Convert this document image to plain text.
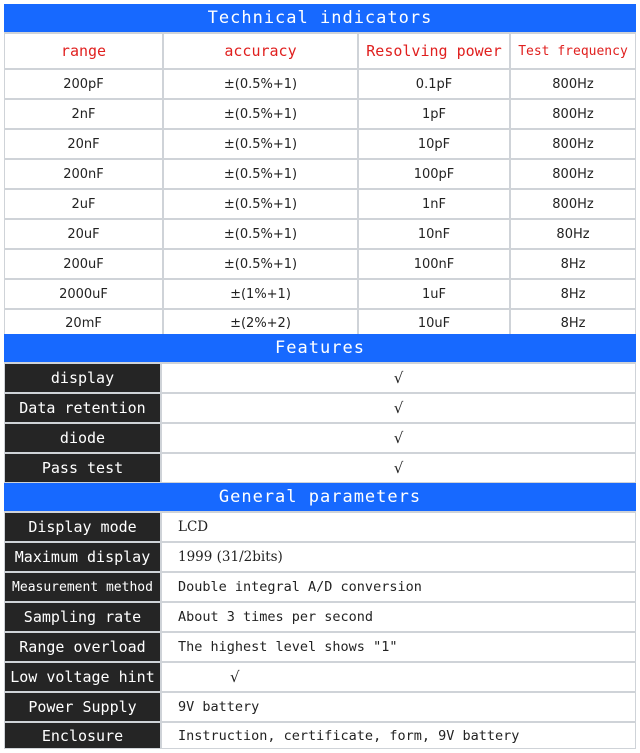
Technical indicators
range	accuracy	Resolving power	Test frequency
200pF	±(0.5%+1)	0.1pF	800Hz
2nF	±(0.5%+1)	1pF	800Hz
20nF	±(0.5%+1)	10pF	800Hz
200nF	±(0.5%+1)	100pF	800Hz
2uF	±(0.5%+1)	1nF	800Hz
20uF	±(0.5%+1)	10nF	80Hz
200uF	±(0.5%+1)	100nF	8Hz
2000uF	±(1%+1)	1uF	8Hz
20mF	±(2%+2)	10uF	8Hz
Features
display	√
Data retention	√
diode	√
Pass test	√
General parameters
Display mode	LCD
Maximum display	1999 (31/2bits)
Measurement method	Double integral A/D conversion
Sampling rate	About 3 times per second
Range overload	The highest level shows "1"
Low voltage hint	√
Power Supply	9V battery
Enclosure	Instruction, certificate, form, 9V battery
